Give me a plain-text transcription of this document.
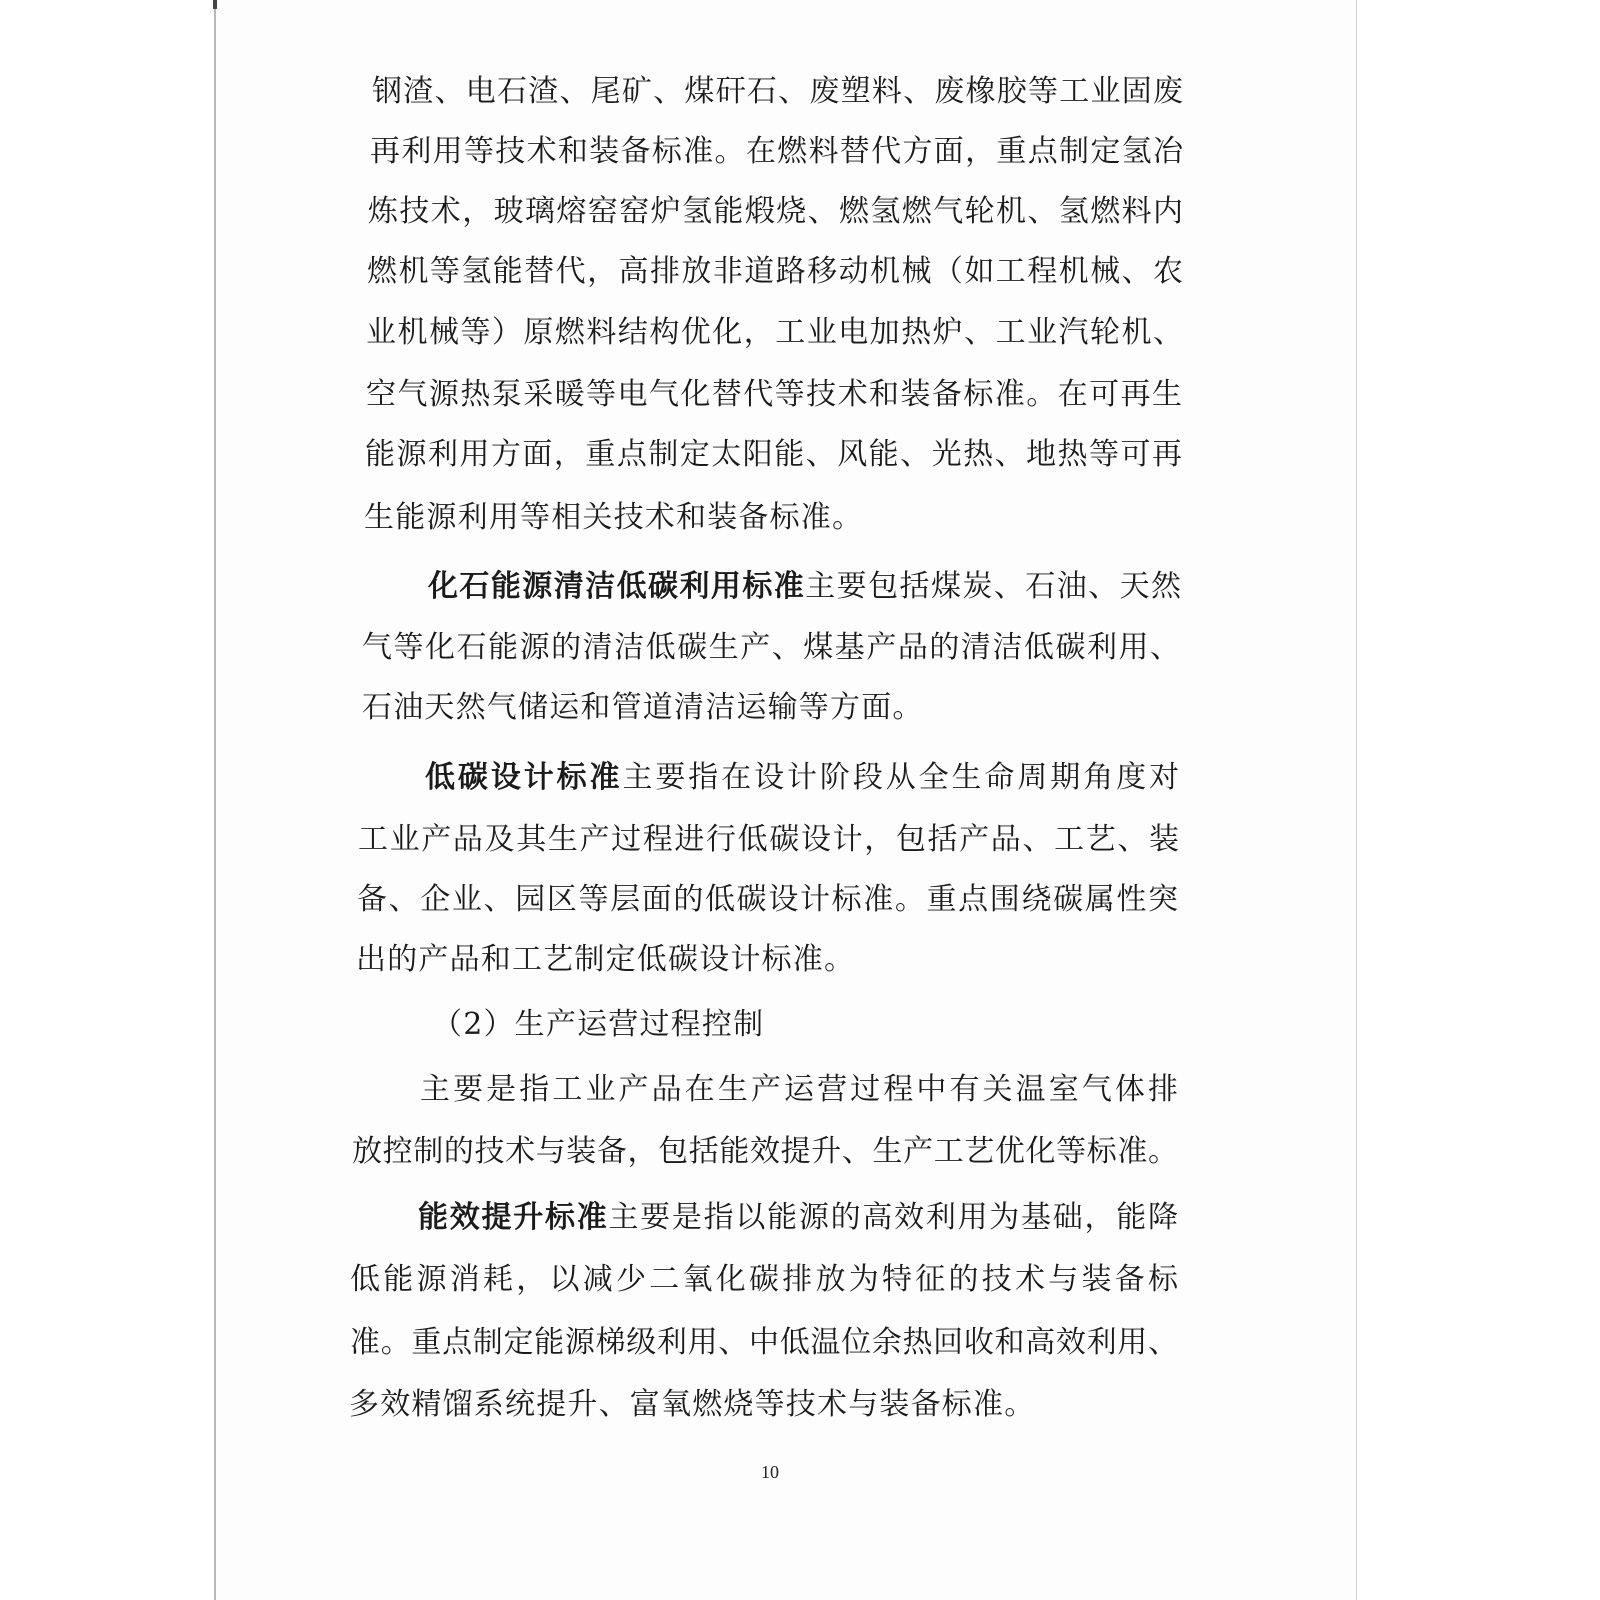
钢渣、电石渣、尾矿、煤矸石、废塑料、废橡胶等工业固废
再利用等技术和装备标准。在燃料替代方面，重点制定氢冶
炼技术，玻璃熔窑窑炉氢能煅烧、燃氢燃气轮机、氢燃料内
燃机等氢能替代，高排放非道路移动机械（如工程机械、农
业机械等）原燃料结构优化，工业电加热炉、工业汽轮机、
空气源热泵采暖等电气化替代等技术和装备标准。在可再生
能源利用方面，重点制定太阳能、风能、光热、地热等可再
生能源利用等相关技术和装备标准。
化石能源清洁低碳利用标准主要包括煤炭、石油、天然
气等化石能源的清洁低碳生产、煤基产品的清洁低碳利用、
石油天然气储运和管道清洁运输等方面。
低碳设计标准主要指在设计阶段从全生命周期角度对
工业产品及其生产过程进行低碳设计，包括产品、工艺、装
备、企业、园区等层面的低碳设计标准。重点围绕碳属性突
出的产品和工艺制定低碳设计标准。
（2）生产运营过程控制
主要是指工业产品在生产运营过程中有关温室气体排
放控制的技术与装备，包括能效提升、生产工艺优化等标准。
能效提升标准主要是指以能源的高效利用为基础，能降
低能源消耗，以减少二氧化碳排放为特征的技术与装备标
准。重点制定能源梯级利用、中低温位余热回收和高效利用、
多效精馏系统提升、富氧燃烧等技术与装备标准。
10
